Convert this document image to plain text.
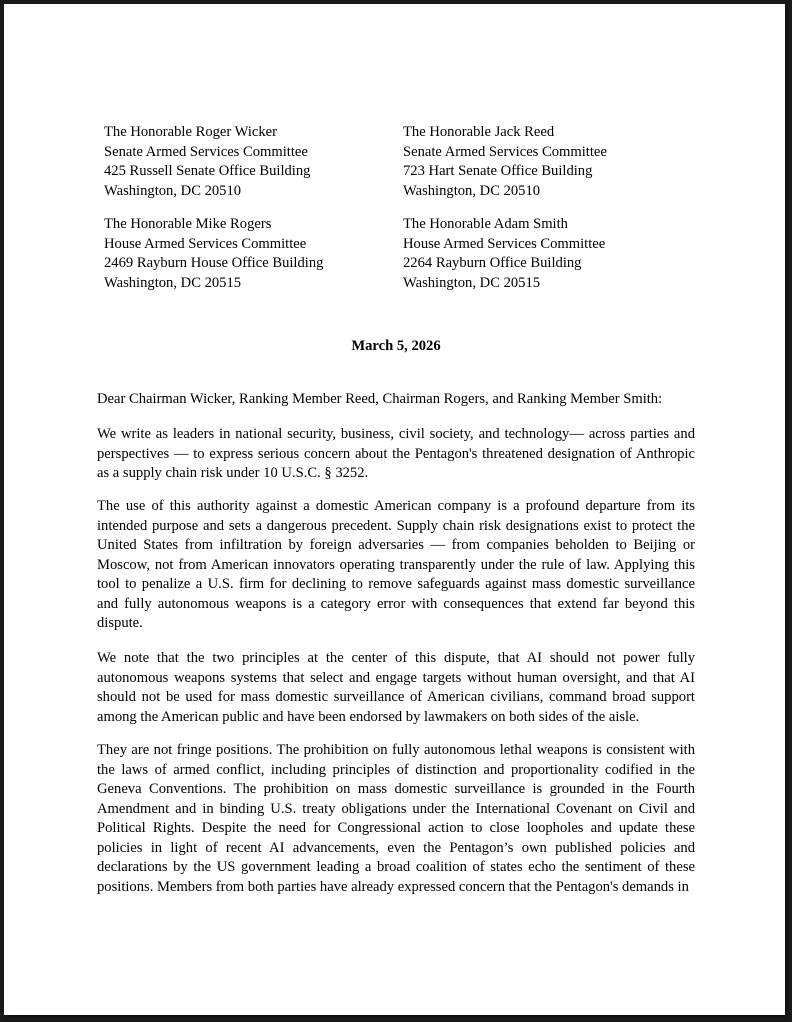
The Honorable Roger Wicker
Senate Armed Services Committee
425 Russell Senate Office Building
Washington, DC 20510
The Honorable Jack Reed
Senate Armed Services Committee
723 Hart Senate Office Building
Washington, DC 20510
The Honorable Mike Rogers
House Armed Services Committee
2469 Rayburn House Office Building
Washington, DC 20515
The Honorable Adam Smith
House Armed Services Committee
2264 Rayburn Office Building
Washington, DC 20515
March 5, 2026
Dear Chairman Wicker, Ranking Member Reed, Chairman Rogers, and Ranking Member Smith:

We write as leaders in national security, business, civil society, and technology— across parties and perspectives — to express serious concern about the Pentagon's threatened designation of Anthropic as a supply chain risk under 10 U.S.C. § 3252.

The use of this authority against a domestic American company is a profound departure from its intended purpose and sets a dangerous precedent. Supply chain risk designations exist to protect the United States from infiltration by foreign adversaries — from companies beholden to Beijing or Moscow, not from American innovators operating transparently under the rule of law. Applying this tool to penalize a U.S. firm for declining to remove safeguards against mass domestic surveillance and fully autonomous weapons is a category error with consequences that extend far beyond this dispute.

We note that the two principles at the center of this dispute, that AI should not power fully autonomous weapons systems that select and engage targets without human oversight, and that AI should not be used for mass domestic surveillance of American civilians, command broad support among the American public and have been endorsed by lawmakers on both sides of the aisle.

They are not fringe positions. The prohibition on fully autonomous lethal weapons is consistent with the laws of armed conflict, including principles of distinction and proportionality codified in the Geneva Conventions. The prohibition on mass domestic surveillance is grounded in the Fourth Amendment and in binding U.S. treaty obligations under the International Covenant on Civil and Political Rights. Despite the need for Congressional action to close loopholes and update these policies in light of recent AI advancements, even the Pentagon’s own published policies and declarations by the US government leading a broad coalition of states echo the sentiment of these positions. Members from both parties have already expressed concern that the Pentagon's demands in
